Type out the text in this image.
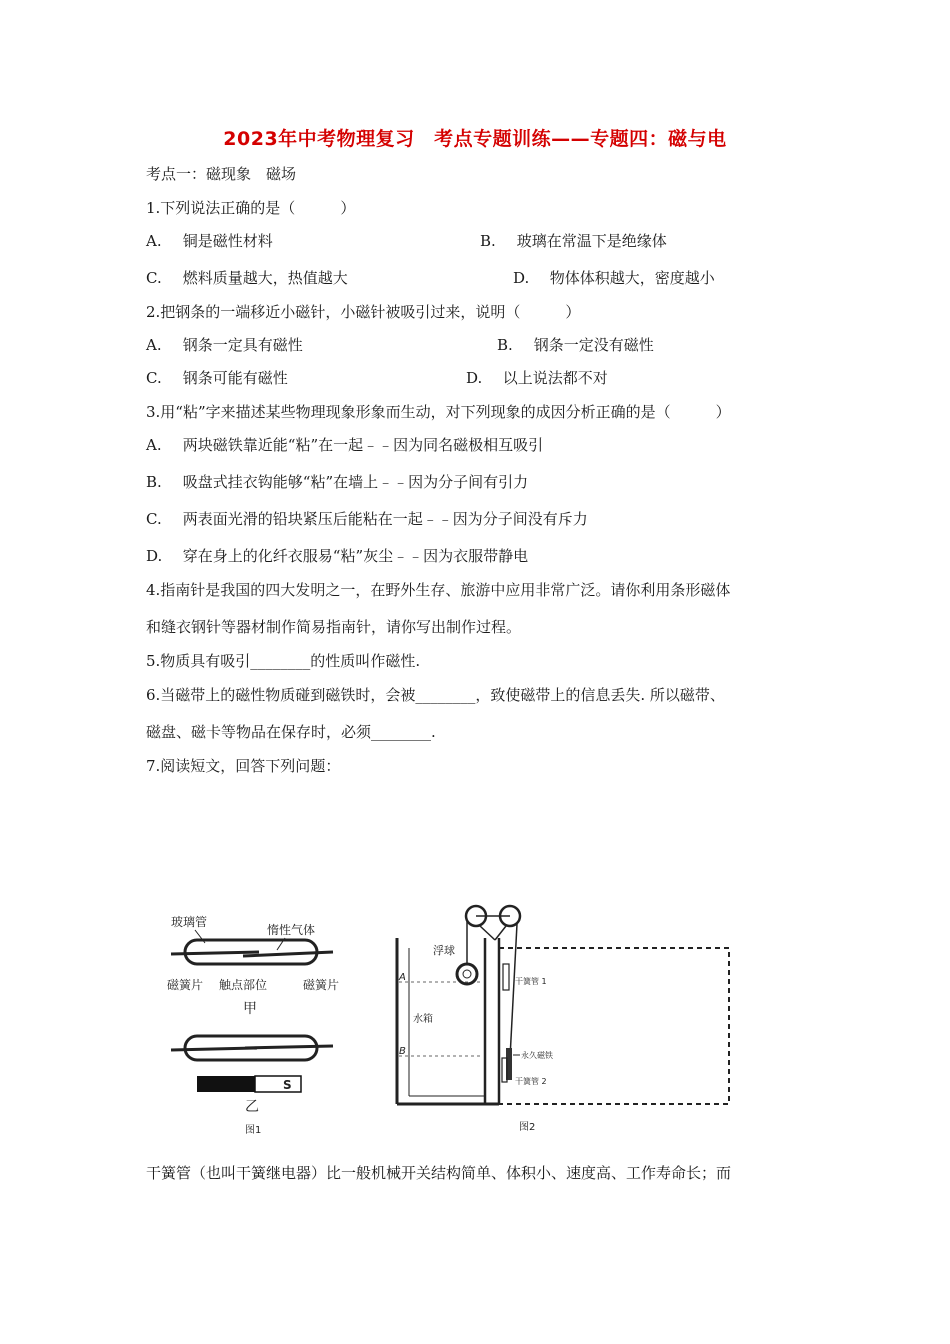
2023年中考物理复习　考点专题训练——专题四：磁与电
考点一：磁现象　磁场
1.下列说法正确的是（　　　）
A. 铜是磁性材料	B. 玻璃在常温下是绝缘体
C. 燃料质量越大，热值越大	D. 物体体积越大，密度越小
2.把钢条的一端移近小磁针，小磁针被吸引过来，说明（　　　）
A. 钢条一定具有磁性	B. 钢条一定没有磁性
C. 钢条可能有磁性	D. 以上说法都不对
3.用“粘”字来描述某些物理现象形象而生动，对下列现象的成因分析正确的是（　　　）
A. 两块磁铁靠近能“粘”在一起﹣﹣因为同名磁极相互吸引
B. 吸盘式挂衣钩能够“粘”在墙上﹣﹣因为分子间有引力
C. 两表面光滑的铅块紧压后能粘在一起﹣﹣因为分子间没有斥力
D. 穿在身上的化纤衣服易“粘”灰尘﹣﹣因为衣服带静电
4.指南针是我国的四大发明之一，在野外生存、旅游中应用非常广泛。请你利用条形磁体
和缝衣钢针等器材制作简易指南针，请你写出制作过程。
5.物质具有吸引________的性质叫作磁性.
6.当磁带上的磁性物质碰到磁铁时，会被________，致使磁带上的信息丢失. 所以磁带、
磁盘、磁卡等物品在保存时，必须________.
7.阅读短文，回答下列问题：
玻璃管
惰性气体
磁簧片 触点部位	磁簧片
甲
S
乙
图1
A
B
水箱
浮球
干簧管 1
永久磁铁
干簧管 2
图2
干簧管（也叫干簧继电器）比一般机械开关结构简单、体积小、速度高、工作寿命长；而
